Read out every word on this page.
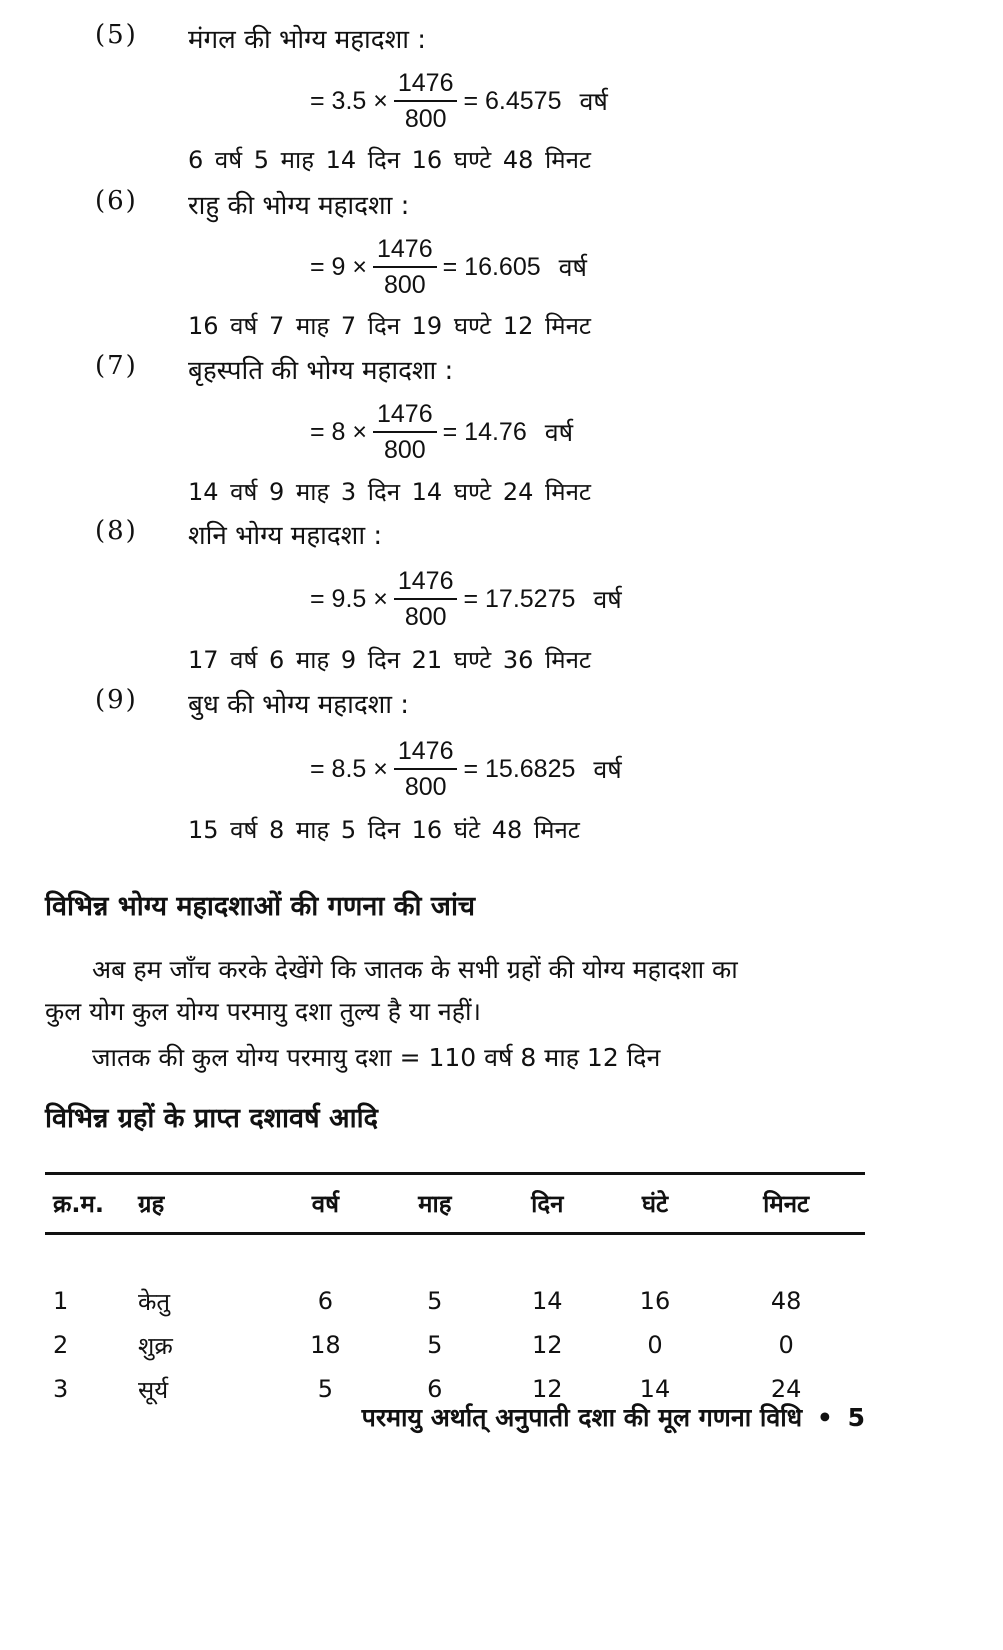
(5) मंगल की भोग्य महादशा :
= $3.5 \times \frac{1476}{800} = 6.4575$ वर्ष
6 वर्ष 5 माह 14 दिन 16 घण्टे 48 मिनट
(6) राहु की भोग्य महादशा :
= $9 \times \frac{1476}{800} = 16.605$ वर्ष
16 वर्ष 7 माह 7 दिन 19 घण्टे 12 मिनट
(7) बृहस्पति की भोग्य महादशा :
= $8 \times \frac{1476}{800} = 14.76$ वर्ष
14 वर्ष 9 माह 3 दिन 14 घण्टे 24 मिनट
(8) शनि भोग्य महादशा :
= $9.5 \times \frac{1476}{800} = 17.5275$ वर्ष
17 वर्ष 6 माह 9 दिन 21 घण्टे 36 मिनट
(9) बुध की भोग्य महादशा :
= $8.5 \times \frac{1476}{800} = 15.6825$ वर्ष
15 वर्ष 8 माह 5 दिन 16 घंटे 48 मिनट
विभिन्न भोग्य महादशाओं की गणना की जांच
अब हम जाँच करके देखेंगे कि जातक के सभी ग्रहों की योग्य महादशा का
कुल योग कुल योग्य परमायु दशा तुल्य है या नहीं।
जातक की कुल योग्य परमायु दशा = 110 वर्ष 8 माह 12 दिन
विभिन्न ग्रहों के प्राप्त दशावर्ष आदि
क्र.म.	ग्रह	वर्ष	माह	दिन	घंटे	मिनट

1	केतु	6	5	14	16	48
2	शुक्र	18	5	12	0	0
3	सूर्य	5	6	12	14	24
परमायु अर्थात् अनुपाती दशा की मूल गणना विधि • 5
